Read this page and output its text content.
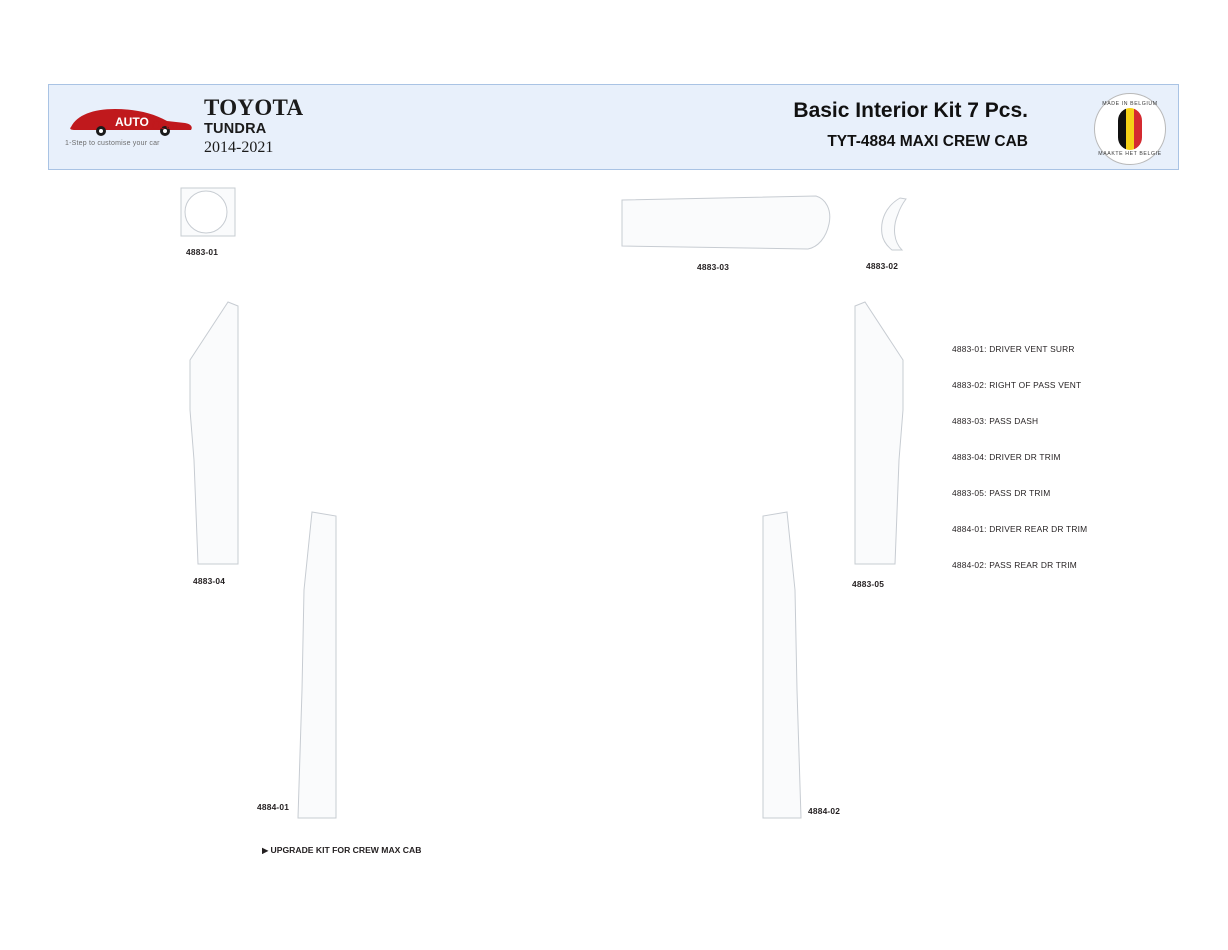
AUTO Decor
1-Step to customise your car
TOYOTA
TUNDRA
2014-2021
Basic Interior Kit 7 Pcs.
TYT-4884 MAXI CREW CAB
MADE IN BELGIUM
MAAKTE HET BELGIE
4883-01
4883-03	4883-02
4883-04	4883-05
4884-01	4884-02
4883-01: DRIVER VENT SURR
4883-02: RIGHT OF PASS VENT
4883-03: PASS DASH
4883-04: DRIVER DR TRIM
4883-05: PASS DR TRIM
4884-01: DRIVER REAR DR TRIM
4884-02: PASS REAR DR TRIM
▶ UPGRADE KIT FOR CREW MAX CAB
